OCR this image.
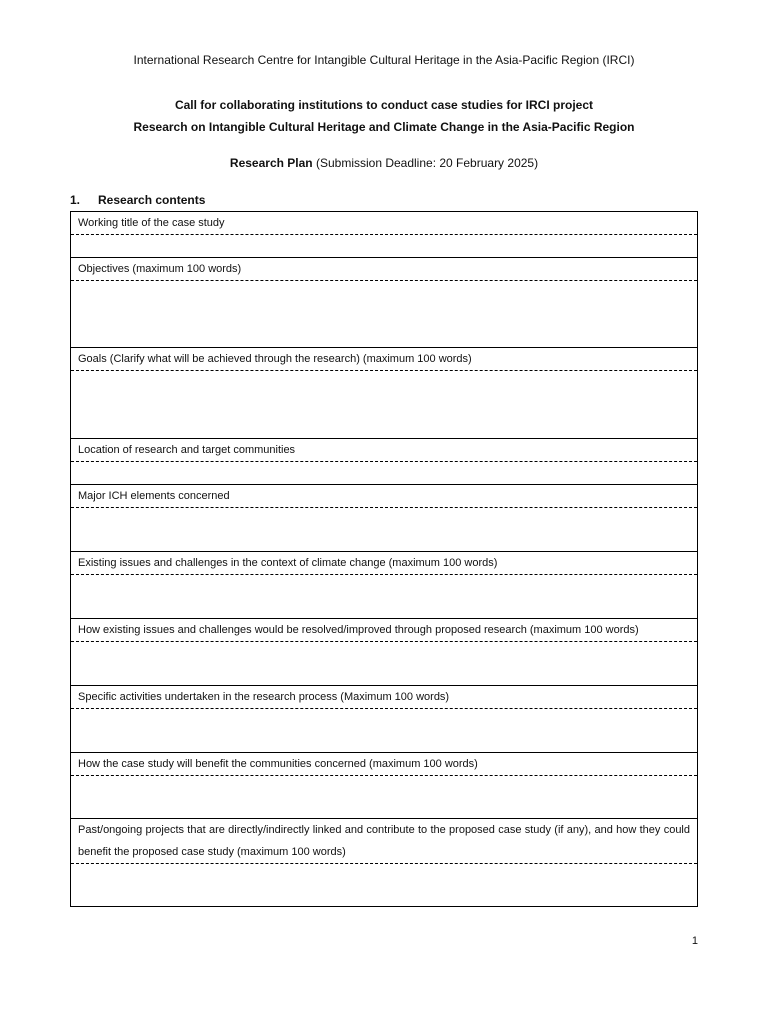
International Research Centre for Intangible Cultural Heritage in the Asia-Pacific Region (IRCI)
Call for collaborating institutions to conduct case studies for IRCI project
Research on Intangible Cultural Heritage and Climate Change in the Asia-Pacific Region
Research Plan (Submission Deadline: 20 February 2025)
1. Research contents
Working title of the case study
Objectives (maximum 100 words)
Goals (Clarify what will be achieved through the research) (maximum 100 words)
Location of research and target communities
Major ICH elements concerned
Existing issues and challenges in the context of climate change (maximum 100 words)
How existing issues and challenges would be resolved/improved through proposed research (maximum 100 words)
Specific activities undertaken in the research process (Maximum 100 words)
How the case study will benefit the communities concerned (maximum 100 words)
Past/ongoing projects that are directly/indirectly linked and contribute to the proposed case study (if any), and how they could benefit the proposed case study (maximum 100 words)
1
